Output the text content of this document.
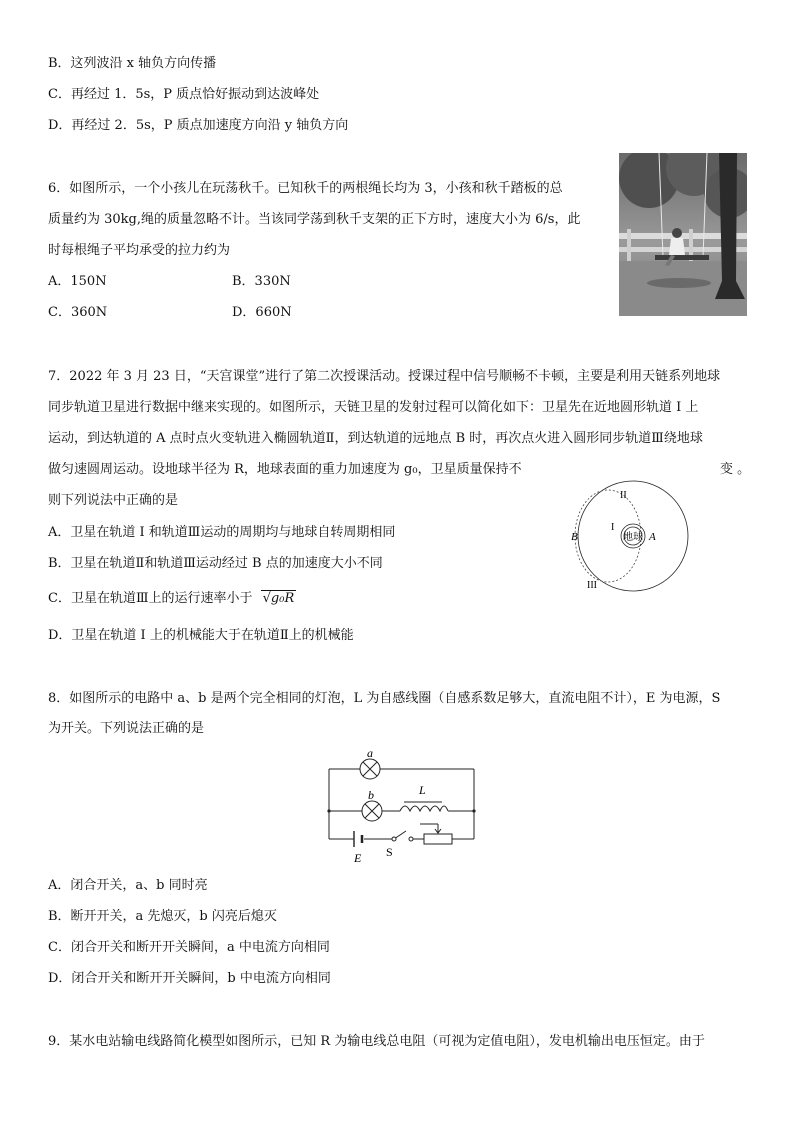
B．这列波沿 x 轴负方向传播
C．再经过 1．5s，P 质点恰好振动到达波峰处
D．再经过 2．5s，P 质点加速度方向沿 y 轴负方向
6．如图所示，一个小孩儿在玩荡秋千。已知秋千的两根绳长均为 3，小孩和秋千踏板的总
质量约为 30kg,绳的质量忽略不计。当该同学荡到秋千支架的正下方时，速度大小为 6/s，此
时每根绳子平均承受的拉力约为
A．150N	B．330N
C．360N	D．660N
7．2022 年 3 月 23 日，“天宫课堂”进行了第二次授课活动。授课过程中信号顺畅不卡顿，主要是利用天链系列地球
同步轨道卫星进行数据中继来实现的。如图所示，天链卫星的发射过程可以简化如下：卫星先在近地圆形轨道 I 上
运动，到达轨道的 A 点时点火变轨进入椭圆轨道Ⅱ，到达轨道的远地点 B 时，再次点火进入圆形同步轨道Ⅲ绕地球
做匀速圆周运动。设地球半径为 R，地球表面的重力加速度为 g₀，卫星质量保持不	变 。
则下列说法中正确的是
A．卫星在轨道 I 和轨道Ⅲ运动的周期均与地球自转周期相同
B．卫星在轨道Ⅱ和轨道Ⅲ运动经过 B 点的加速度大小不同
C．卫星在轨道Ⅲ上的运行速率小于 √g₀R
D．卫星在轨道 I 上的机械能大于在轨道Ⅱ上的机械能
地球
II
I
III
B	A
8．如图所示的电路中 a、b 是两个完全相同的灯泡，L 为自感线圈（自感系数足够大，直流电阻不计），E 为电源，S
为开关。下列说法正确的是
a
b	L
E S
A．闭合开关，a、b 同时亮
B．断开开关，a 先熄灭，b 闪亮后熄灭
C．闭合开关和断开开关瞬间，a 中电流方向相同
D．闭合开关和断开开关瞬间，b 中电流方向相同
9．某水电站输电线路简化模型如图所示，已知 R 为输电线总电阻（可视为定值电阻），发电机输出电压恒定。由于
